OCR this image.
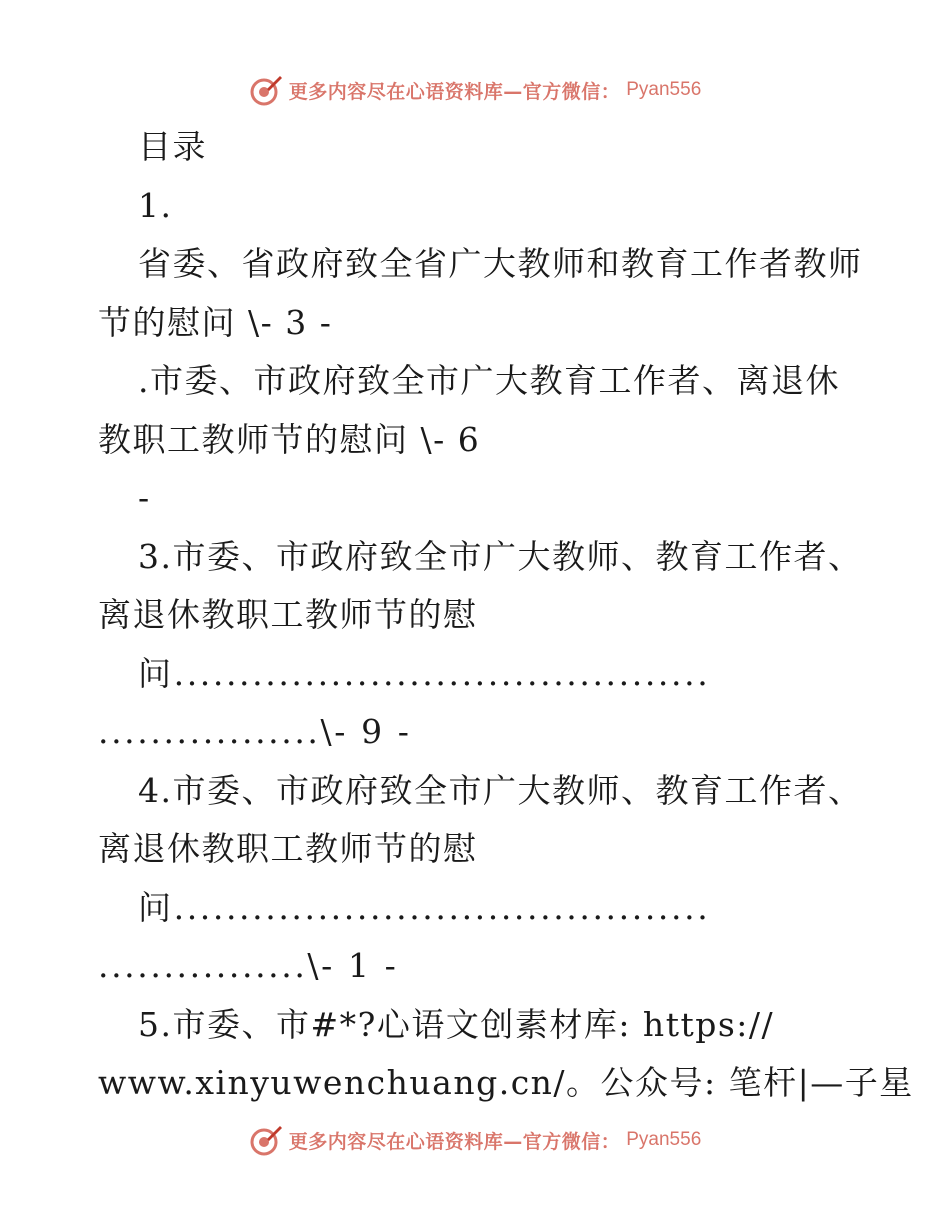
更多内容尽在心语资料库—官方微信： Pyan556
目录
1.
省委、省政府致全省广大教师和教育工作者教师
节的慰问 \- 3 -
.市委、市政府致全市广大教育工作者、离退休
教职工教师节的慰问 \- 6
-
3.市委、市政府致全市广大教师、教育工作者、
离退休教职工教师节的慰
问.........................................
.................\- 9 -
4.市委、市政府致全市广大教师、教育工作者、
离退休教职工教师节的慰
问.........................................
................\- 1 -
5.市委、市#*?心语文创素材库: https://
www.xinyuwenchuang.cn/。公众号: 笔杆|—子星
更多内容尽在心语资料库—官方微信： Pyan556
